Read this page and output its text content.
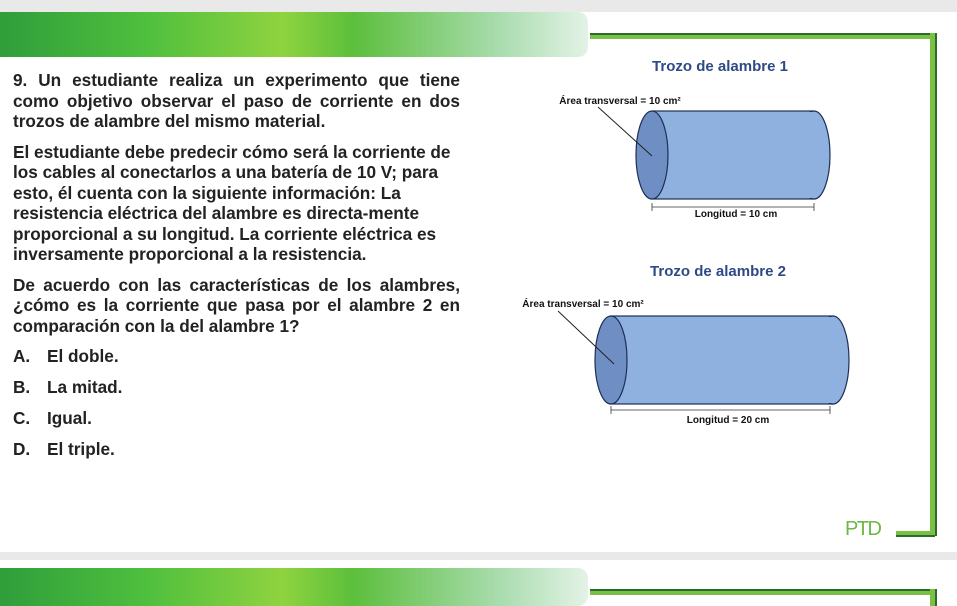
9. Un estudiante realiza un experimento que tiene como objetivo observar el paso de corriente en dos trozos de alambre del mismo material.

El estudiante debe predecir cómo será la corriente de los cables al conectarlos a una batería de 10 V; para esto, él cuenta con la siguiente información: La resistencia eléctrica del alambre es directa-mente proporcional a su longitud. La corriente eléctrica es inversamente proporcional a la resistencia.

De acuerdo con las características de los alambres, ¿cómo es la corriente que pasa por el alambre 2 en comparación con la del alambre 1?

A. El doble.
B. La mitad.
C. Igual.
D. El triple.
Trozo de alambre 1
Área transversal = 10 cm²
Longitud = 10 cm
Trozo de alambre 2
Área transversal = 10 cm²
Longitud = 20 cm
PTD
